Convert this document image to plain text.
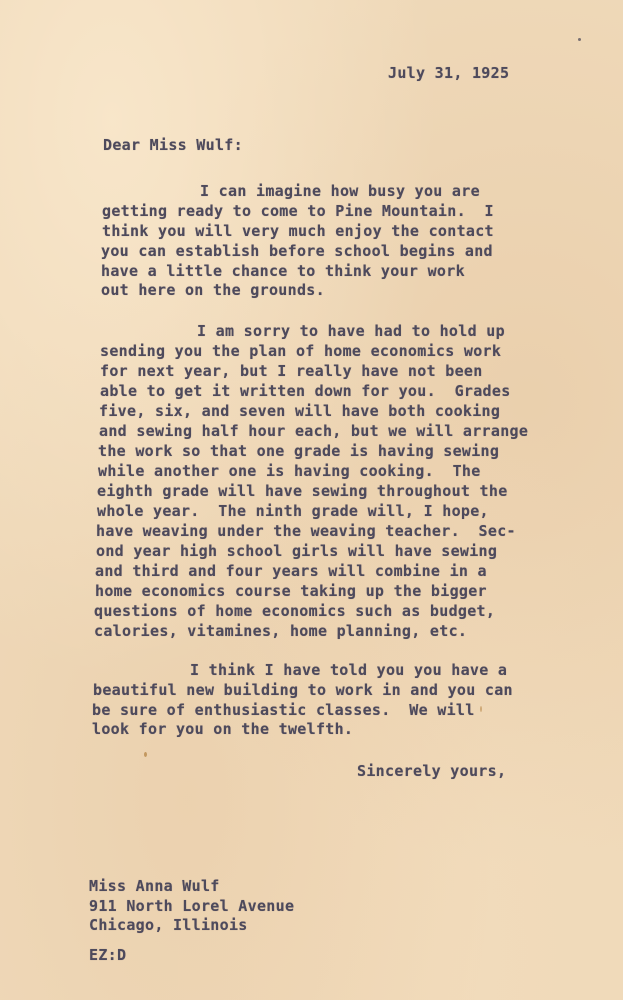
July 31, 1925
Dear Miss Wulf:
I can imagine how busy you are
getting ready to come to Pine Mountain.  I
think you will very much enjoy the contact
you can establish before school begins and
have a little chance to think your work
out here on the grounds.
I am sorry to have had to hold up
sending you the plan of home economics work
for next year, but I really have not been
able to get it written down for you.  Grades
five, six, and seven will have both cooking
and sewing half hour each, but we will arrange
the work so that one grade is having sewing
while another one is having cooking.  The
eighth grade will have sewing throughout the
whole year.  The ninth grade will, I hope,
have weaving under the weaving teacher.  Sec-
ond year high school girls will have sewing
and third and four years will combine in a
home economics course taking up the bigger
questions of home economics such as budget,
calories, vitamines, home planning, etc.
I think I have told you you have a
beautiful new building to work in and you can
be sure of enthusiastic classes.  We will
look for you on the twelfth.
Sincerely yours,
Miss Anna Wulf
911 North Lorel Avenue
Chicago, Illinois
EZ:D
